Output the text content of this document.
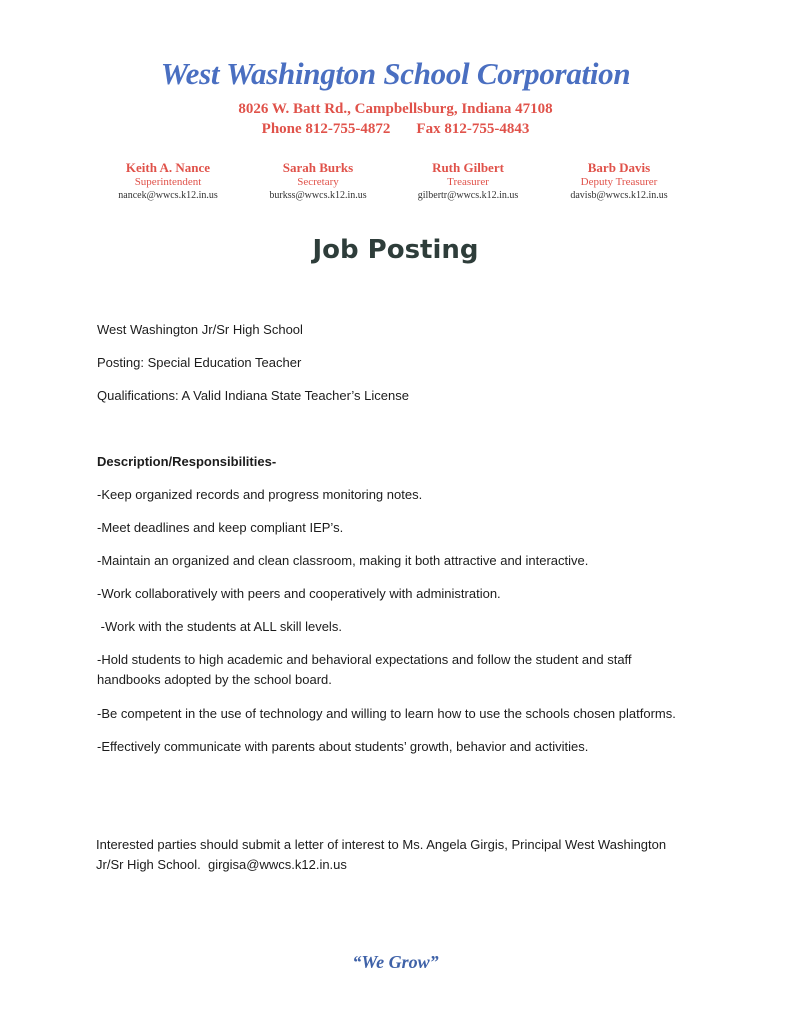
West Washington School Corporation
8026 W. Batt Rd., Campbellsburg, Indiana 47108
Phone 812-755-4872 Fax 812-755-4843
Keith A. Nance
Superintendent
nancek@wwcs.k12.in.us
Sarah Burks
Secretary
burkss@wwcs.k12.in.us
Ruth Gilbert
Treasurer
gilbertr@wwcs.k12.in.us
Barb Davis
Deputy Treasurer
davisb@wwcs.k12.in.us
Job Posting
West Washington Jr/Sr High School
Posting: Special Education Teacher
Qualifications: A Valid Indiana State Teacher’s License
Description/Responsibilities-
-Keep organized records and progress monitoring notes.
-Meet deadlines and keep compliant IEP’s.
-Maintain an organized and clean classroom, making it both attractive and interactive.
-Work collaboratively with peers and cooperatively with administration.
-Work with the students at ALL skill levels.
-Hold students to high academic and behavioral expectations and follow the student and staff handbooks adopted by the school board.
-Be competent in the use of technology and willing to learn how to use the schools chosen platforms.
-Effectively communicate with parents about students’ growth, behavior and activities.
Interested parties should submit a letter of interest to Ms. Angela Girgis, Principal West Washington Jr/Sr High School.  girgisa@wwcs.k12.in.us
“We Grow”
